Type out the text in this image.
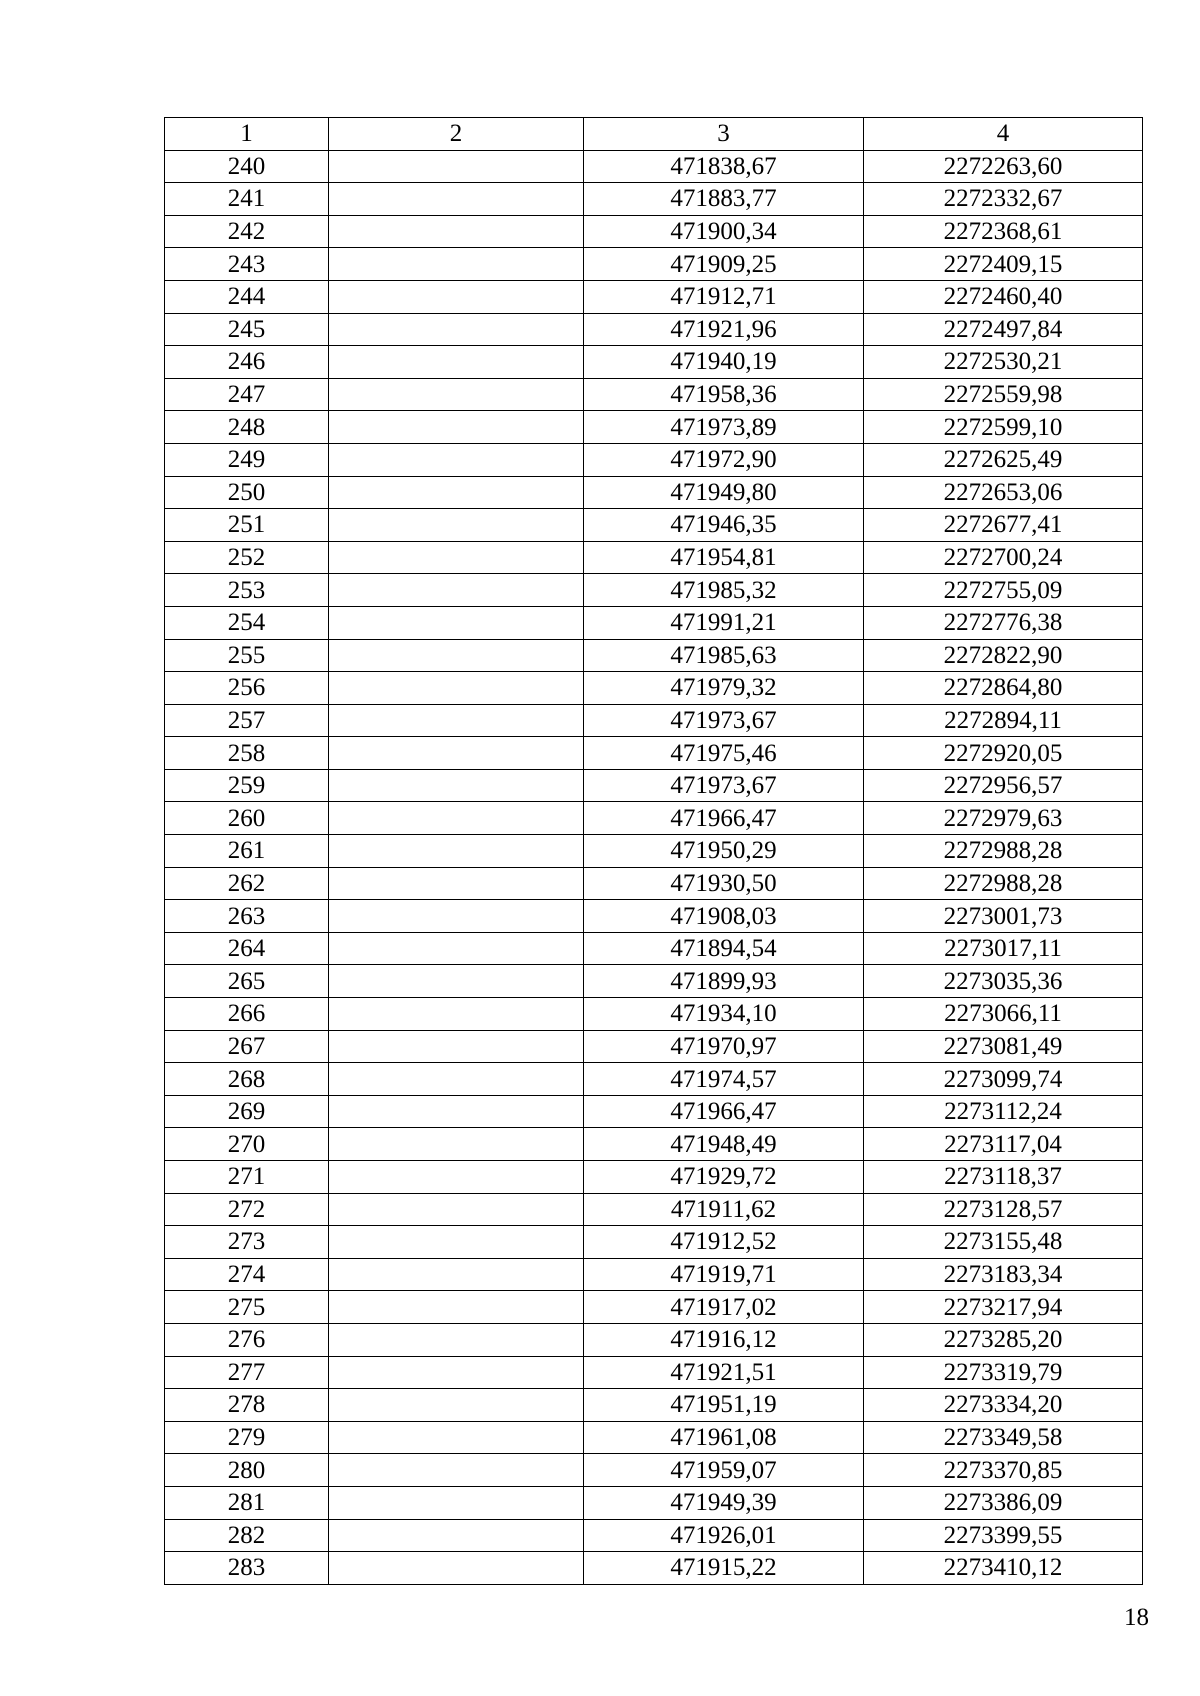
1	2	3	4
240		471838,67	2272263,60
241		471883,77	2272332,67
242		471900,34	2272368,61
243		471909,25	2272409,15
244		471912,71	2272460,40
245		471921,96	2272497,84
246		471940,19	2272530,21
247		471958,36	2272559,98
248		471973,89	2272599,10
249		471972,90	2272625,49
250		471949,80	2272653,06
251		471946,35	2272677,41
252		471954,81	2272700,24
253		471985,32	2272755,09
254		471991,21	2272776,38
255		471985,63	2272822,90
256		471979,32	2272864,80
257		471973,67	2272894,11
258		471975,46	2272920,05
259		471973,67	2272956,57
260		471966,47	2272979,63
261		471950,29	2272988,28
262		471930,50	2272988,28
263		471908,03	2273001,73
264		471894,54	2273017,11
265		471899,93	2273035,36
266		471934,10	2273066,11
267		471970,97	2273081,49
268		471974,57	2273099,74
269		471966,47	2273112,24
270		471948,49	2273117,04
271		471929,72	2273118,37
272		471911,62	2273128,57
273		471912,52	2273155,48
274		471919,71	2273183,34
275		471917,02	2273217,94
276		471916,12	2273285,20
277		471921,51	2273319,79
278		471951,19	2273334,20
279		471961,08	2273349,58
280		471959,07	2273370,85
281		471949,39	2273386,09
282		471926,01	2273399,55
283		471915,22	2273410,12
18
